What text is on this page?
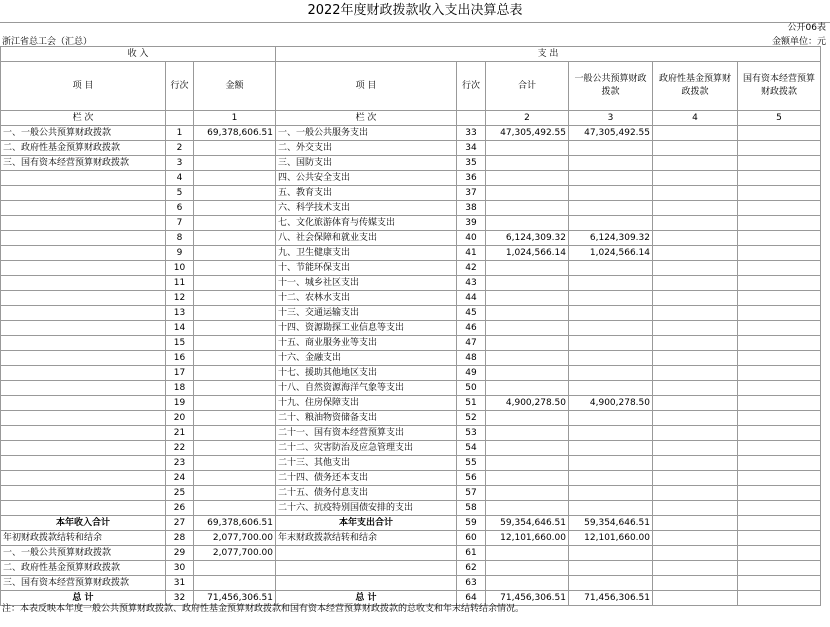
2022年度财政拨款收入支出决算总表
公开06表
浙江省总工会（汇总）	金额单位：元
收 入			支 出					
项 目	行次	金额	项 目	行次	合计	一般公共预算财政拨款	政府性基金预算财政拨款	国有资本经营预算财政拨款
栏 次		1	栏 次		2	3	4	5
一、一般公共预算财政拨款	1	69,378,606.51	一、一般公共服务支出	33	47,305,492.55	47,305,492.55		
二、政府性基金预算财政拨款	2		二、外交支出	34				
三、国有资本经营预算财政拨款	3		三、国防支出	35				
	4		四、公共安全支出	36				
	5		五、教育支出	37				
	6		六、科学技术支出	38				
	7		七、文化旅游体育与传媒支出	39				
	8		八、社会保障和就业支出	40	6,124,309.32	6,124,309.32		
	9		九、卫生健康支出	41	1,024,566.14	1,024,566.14		
	10		十、节能环保支出	42				
	11		十一、城乡社区支出	43				
	12		十二、农林水支出	44				
	13		十三、交通运输支出	45				
	14		十四、资源勘探工业信息等支出	46				
	15		十五、商业服务业等支出	47				
	16		十六、金融支出	48				
	17		十七、援助其他地区支出	49				
	18		十八、自然资源海洋气象等支出	50				
	19		十九、住房保障支出	51	4,900,278.50	4,900,278.50		
	20		二十、粮油物资储备支出	52				
	21		二十一、国有资本经营预算支出	53				
	22		二十二、灾害防治及应急管理支出	54				
	23		二十三、其他支出	55				
	24		二十四、债务还本支出	56				
	25		二十五、债务付息支出	57				
	26		二十六、抗疫特别国债安排的支出	58				
本年收入合计	27	69,378,606.51	本年支出合计	59	59,354,646.51	59,354,646.51		
年初财政拨款结转和结余	28	2,077,700.00	年末财政拨款结转和结余	60	12,101,660.00	12,101,660.00		
一、一般公共预算财政拨款	29	2,077,700.00		61				
二、政府性基金预算财政拨款	30			62				
三、国有资本经营预算财政拨款	31			63				
总 计	32	71,456,306.51	总 计	64	71,456,306.51	71,456,306.51		
注：本表反映本年度一般公共预算财政拨款、政府性基金预算财政拨款和国有资本经营预算财政拨款的总收支和年末结转结余情况。
